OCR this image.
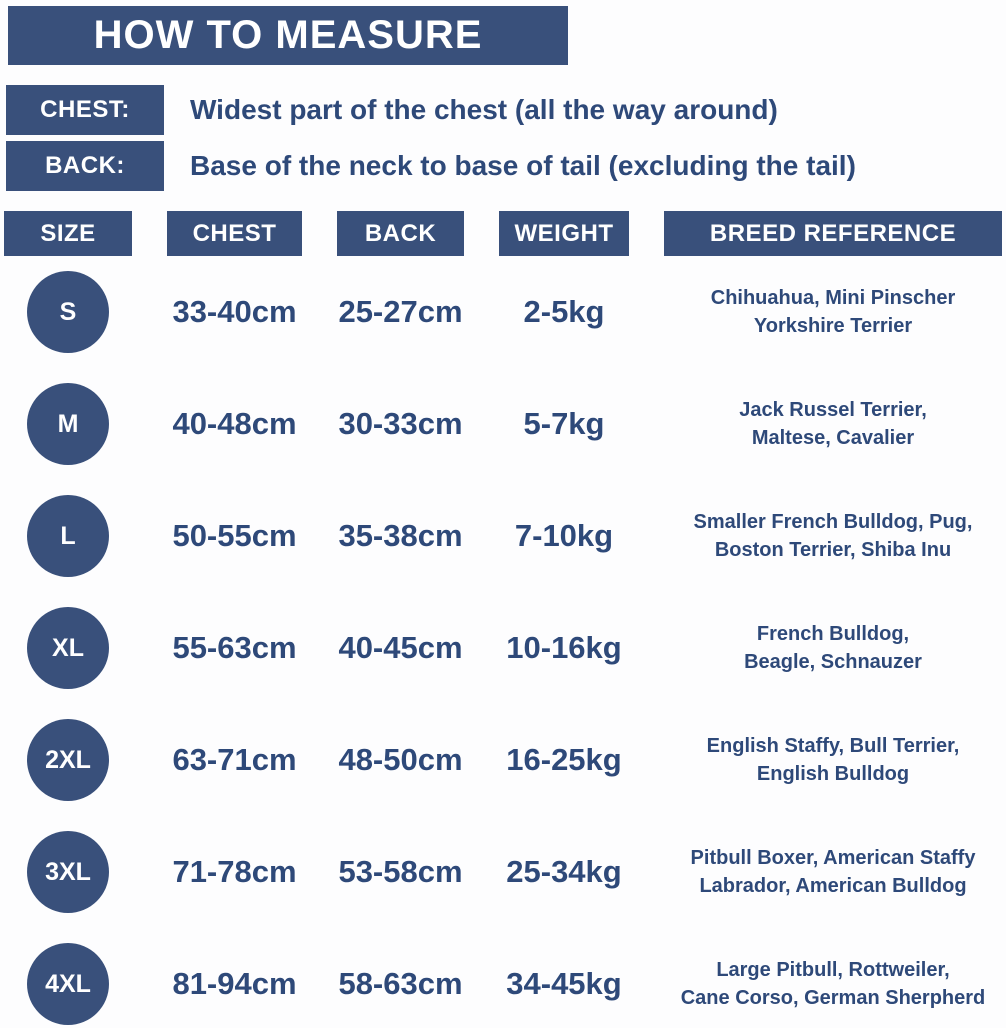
HOW TO MEASURE
CHEST:	Widest part of the chest (all the way around)
BACK:	Base of the neck to base of tail (excluding the tail)
SIZE	CHEST	BACK	WEIGHT	BREED REFERENCE
S	33-40cm 25-27cm	2-5kg	Chihuahua, Mini Pinscher
Yorkshire Terrier
M	40-48cm 30-33cm	5-7kg	Jack Russel Terrier,
Maltese, Cavalier
L	50-55cm 35-38cm	7-10kg	Smaller French Bulldog, Pug,
Boston Terrier, Shiba Inu
XL	55-63cm 40-45cm 10-16kg	French Bulldog,
Beagle, Schnauzer
2XL	63-71cm 48-50cm 16-25kg	English Staffy, Bull Terrier,
English Bulldog
3XL	71-78cm 53-58cm 25-34kg	Pitbull Boxer, American Staffy
Labrador, American Bulldog
4XL	81-94cm 58-63cm 34-45kg	Large Pitbull, Rottweiler,
Cane Corso, German Sherpherd
